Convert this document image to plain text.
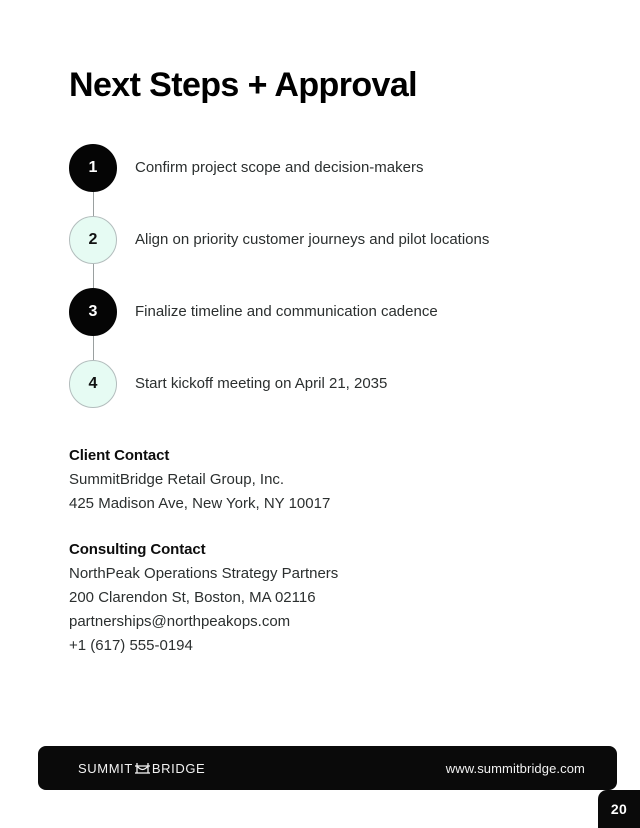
Next Steps + Approval
1	Confirm project scope and decision-makers
2	Align on priority customer journeys and pilot locations
3	Finalize timeline and communication cadence
4	Start kickoff meeting on April 21, 2035
Client Contact
SummitBridge Retail Group, Inc.
425 Madison Ave, New York, NY 10017
Consulting Contact
NorthPeak Operations Strategy Partners
200 Clarendon St, Boston, MA 02116
partnerships@northpeakops.com
+1 (617) 555-0194
SUMMIT BRIDGE	www.summitbridge.com
20
